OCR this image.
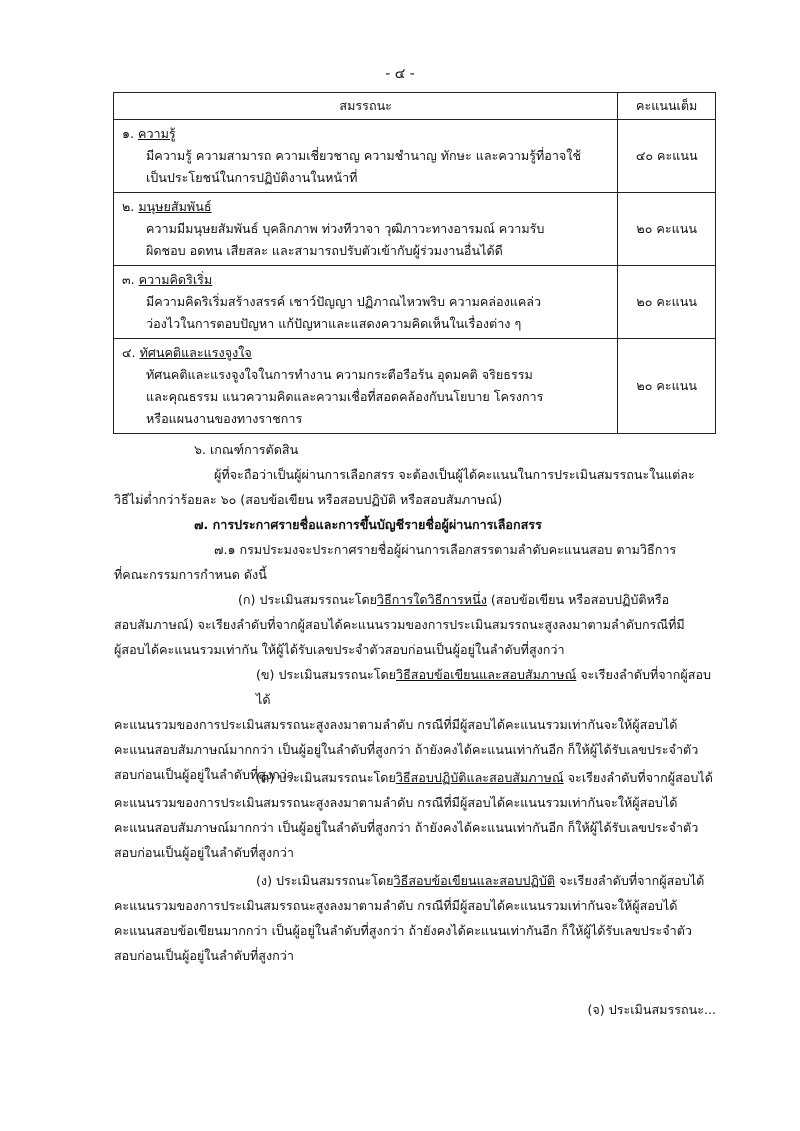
- ๔ -
สมรรถนะ	คะแนนเต็ม

๑. ความรู้
มีความรู้ ความสามารถ ความเชี่ยวชาญ ความชำนาญ ทักษะ และความรู้ที่อาจใช้
เป็นประโยชน์ในการปฏิบัติงานในหน้าที่	๔๐ คะแนน

๒. มนุษยสัมพันธ์
ความมีมนุษยสัมพันธ์ บุคลิกภาพ ท่วงทีวาจา วุฒิภาวะทางอารมณ์ ความรับ
ผิดชอบ อดทน เสียสละ และสามารถปรับตัวเข้ากับผู้ร่วมงานอื่นได้ดี	๒๐ คะแนน

๓. ความคิดริเริ่ม
มีความคิดริเริ่มสร้างสรรค์ เชาว์ปัญญา ปฏิภาณไหวพริบ ความคล่องแคล่ว
ว่องไวในการตอบปัญหา แก้ปัญหาและแสดงความคิดเห็นในเรื่องต่าง ๆ	๒๐ คะแนน

๔. ทัศนคติและแรงจูงใจ
ทัศนคติและแรงจูงใจในการทำงาน ความกระตือรือร้น อุดมคติ จริยธรรม
และคุณธรรม แนวความคิดและความเชื่อที่สอดคล้องกับนโยบาย โครงการ
หรือแผนงานของทางราชการ	๒๐ คะแนน
๖. เกณฑ์การตัดสิน
ผู้ที่จะถือว่าเป็นผู้ผ่านการเลือกสรร จะต้องเป็นผู้ได้คะแนนในการประเมินสมรรถนะในแต่ละ
วิธีไม่ต่ำกว่าร้อยละ ๖๐ (สอบข้อเขียน หรือสอบปฏิบัติ หรือสอบสัมภาษณ์)
๗. การประกาศรายชื่อและการขึ้นบัญชีรายชื่อผู้ผ่านการเลือกสรร
๗.๑ กรมประมงจะประกาศรายชื่อผู้ผ่านการเลือกสรรตามลำดับคะแนนสอบ ตามวิธีการ
ที่คณะกรรมการกำหนด ดังนี้
(ก) ประเมินสมรรถนะโดยวิธีการใดวิธีการหนึ่ง (สอบข้อเขียน หรือสอบปฏิบัติหรือ
สอบสัมภาษณ์) จะเรียงลำดับที่จากผู้สอบได้คะแนนรวมของการประเมินสมรรถนะสูงลงมาตามลำดับกรณีที่มี
ผู้สอบได้คะแนนรวมเท่ากัน ให้ผู้ได้รับเลขประจำตัวสอบก่อนเป็นผู้อยู่ในลำดับที่สูงกว่า
(ข) ประเมินสมรรถนะโดยวิธีสอบข้อเขียนและสอบสัมภาษณ์ จะเรียงลำดับที่จากผู้สอบได้
คะแนนรวมของการประเมินสมรรถนะสูงลงมาตามลำดับ กรณีที่มีผู้สอบได้คะแนนรวมเท่ากันจะให้ผู้สอบได้
คะแนนสอบสัมภาษณ์มากกว่า เป็นผู้อยู่ในลำดับที่สูงกว่า ถ้ายังคงได้คะแนนเท่ากันอีก ก็ให้ผู้ได้รับเลขประจำตัว
สอบก่อนเป็นผู้อยู่ในลำดับที่สูงกว่า
(ค) ประเมินสมรรถนะโดยวิธีสอบปฏิบัติและสอบสัมภาษณ์ จะเรียงลำดับที่จากผู้สอบได้
คะแนนรวมของการประเมินสมรรถนะสูงลงมาตามลำดับ กรณีที่มีผู้สอบได้คะแนนรวมเท่ากันจะให้ผู้สอบได้
คะแนนสอบสัมภาษณ์มากกว่า เป็นผู้อยู่ในลำดับที่สูงกว่า ถ้ายังคงได้คะแนนเท่ากันอีก ก็ให้ผู้ได้รับเลขประจำตัว
สอบก่อนเป็นผู้อยู่ในลำดับที่สูงกว่า
(ง) ประเมินสมรรถนะโดยวิธีสอบข้อเขียนและสอบปฏิบัติ จะเรียงลำดับที่จากผู้สอบได้
คะแนนรวมของการประเมินสมรรถนะสูงลงมาตามลำดับ กรณีที่มีผู้สอบได้คะแนนรวมเท่ากันจะให้ผู้สอบได้
คะแนนสอบข้อเขียนมากกว่า เป็นผู้อยู่ในลำดับที่สูงกว่า ถ้ายังคงได้คะแนนเท่ากันอีก ก็ให้ผู้ได้รับเลขประจำตัว
สอบก่อนเป็นผู้อยู่ในลำดับที่สูงกว่า
(จ) ประเมินสมรรถนะ...
